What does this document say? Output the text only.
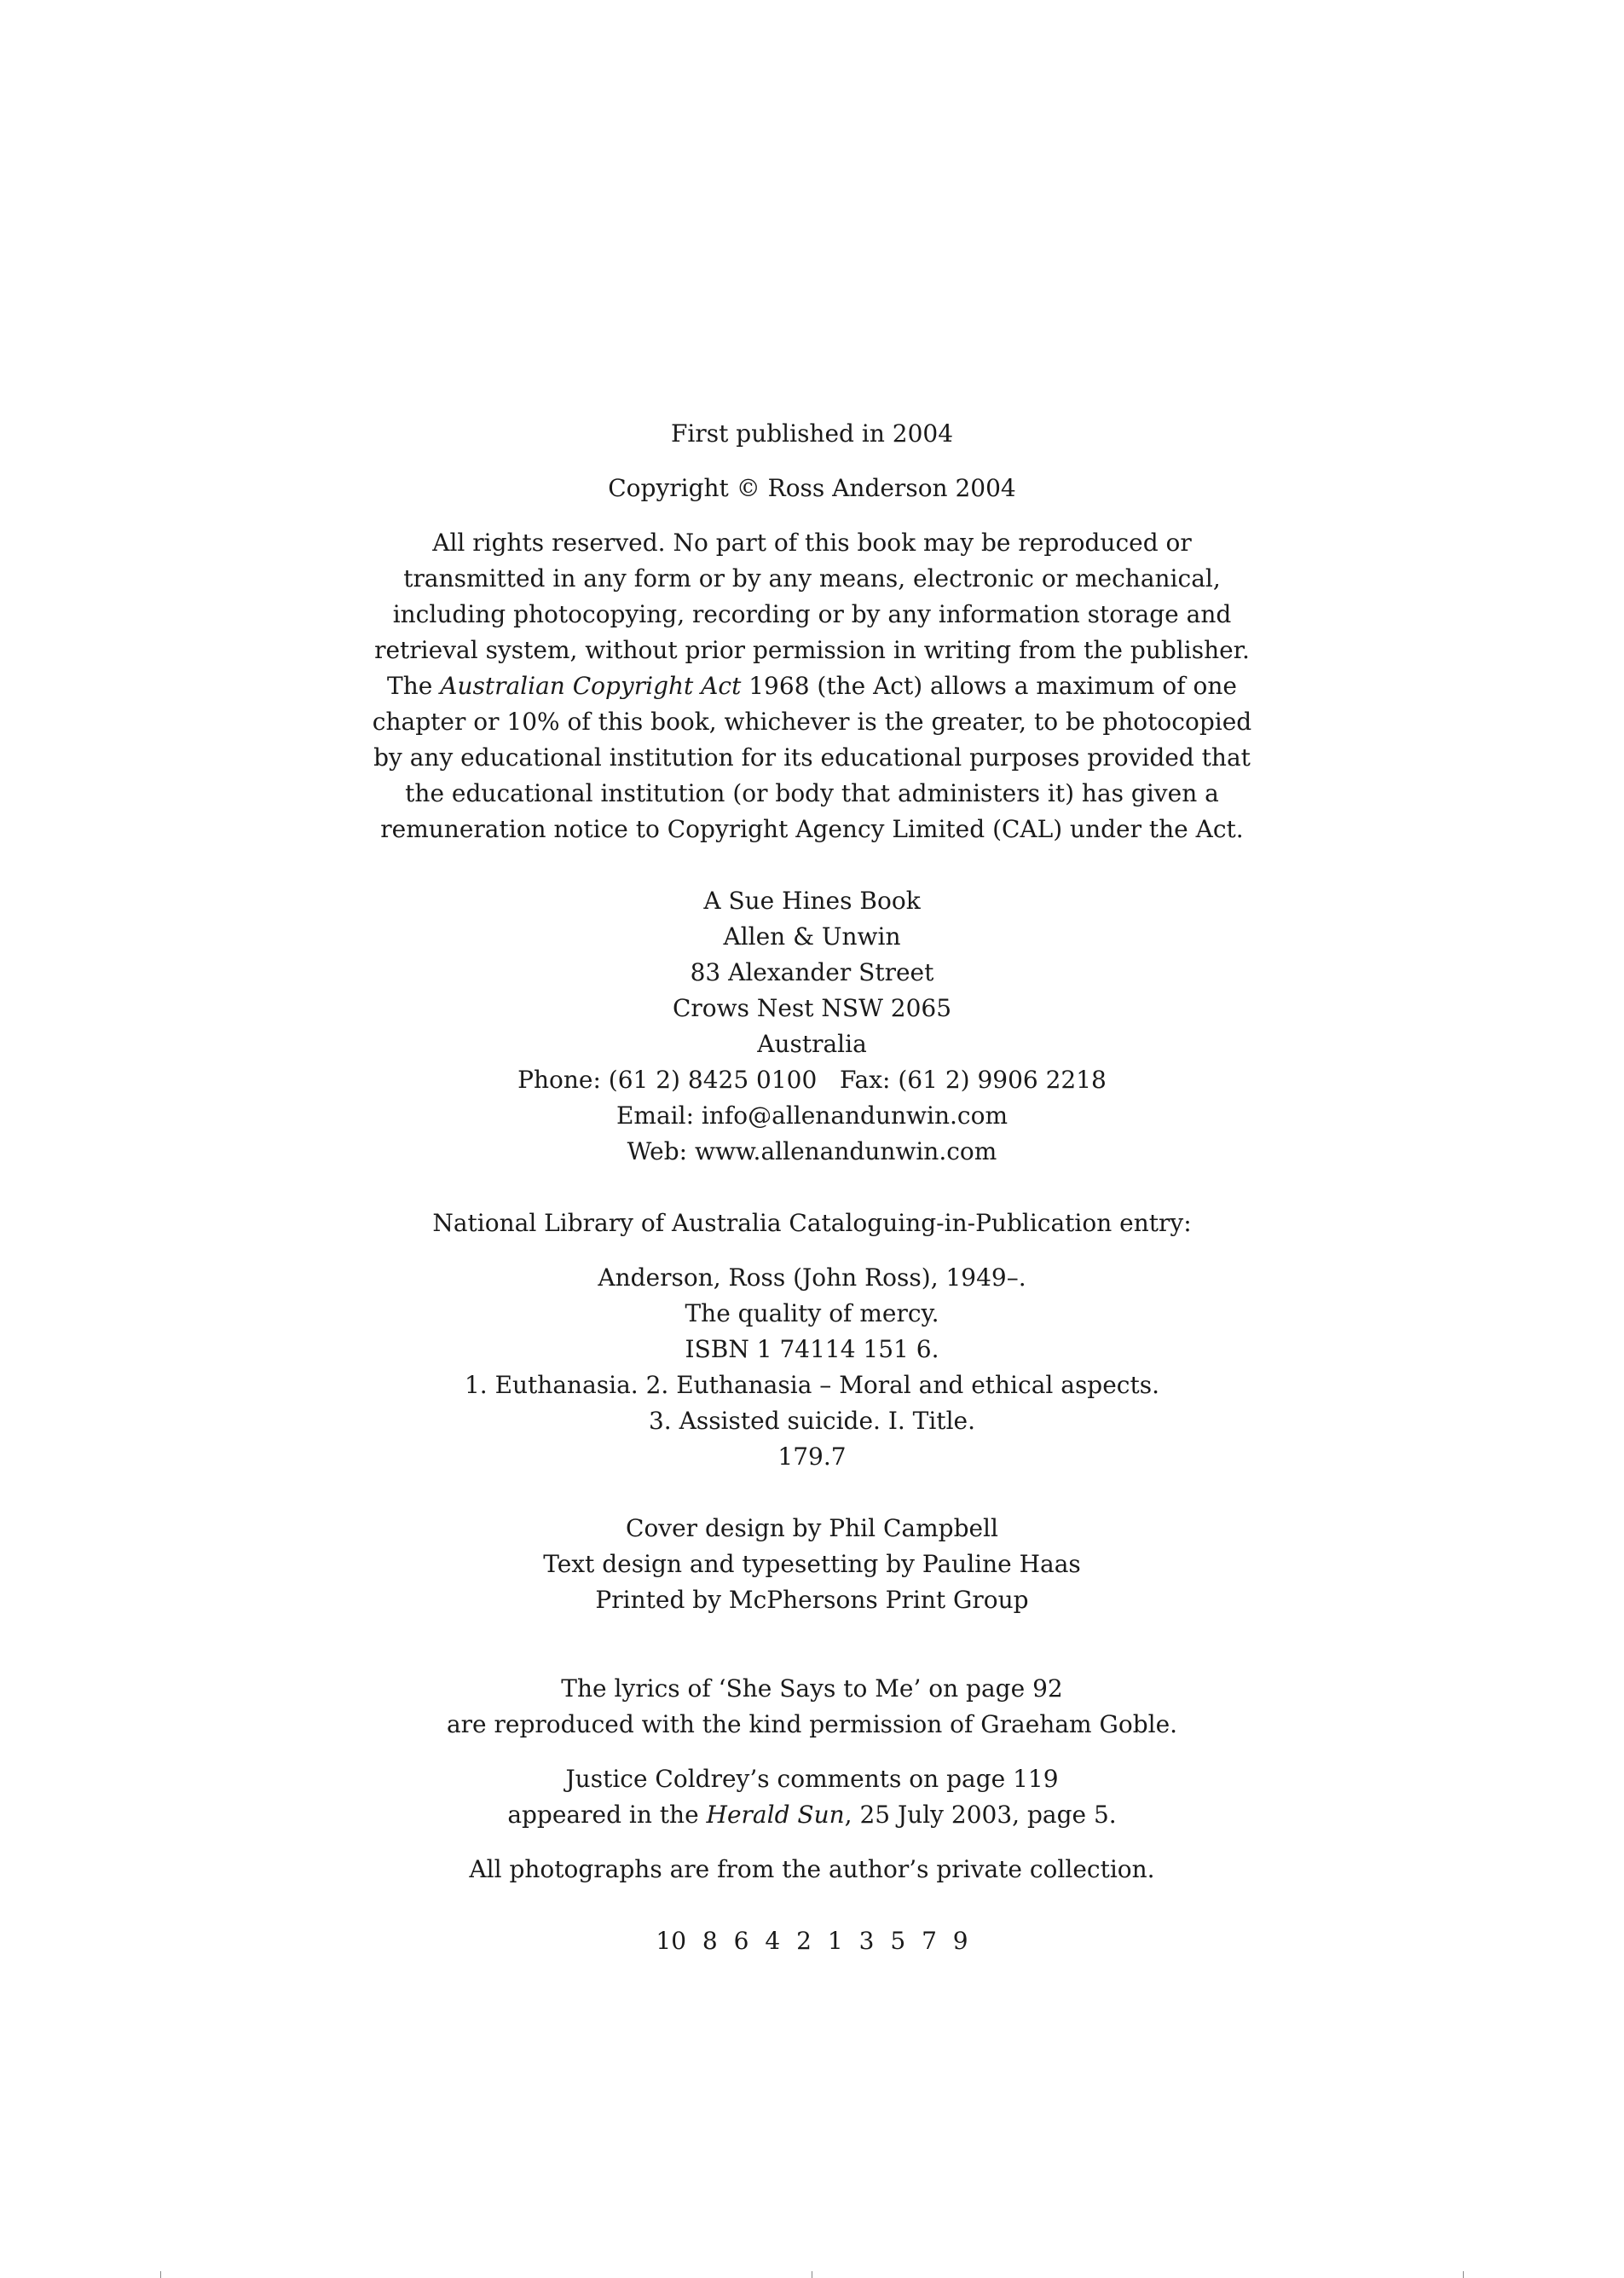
First published in 2004

Copyright © Ross Anderson 2004

All rights reserved. No part of this book may be reproduced or transmitted in any form or by any means, electronic or mechanical, including photocopying, recording or by any information storage and retrieval system, without prior permission in writing from the publisher. The Australian Copyright Act 1968 (the Act) allows a maximum of one chapter or 10% of this book, whichever is the greater, to be photocopied by any educational institution for its educational purposes provided that the educational institution (or body that administers it) has given a remuneration notice to Copyright Agency Limited (CAL) under the Act.

A Sue Hines Book

Allen & Unwin

83 Alexander Street

Crows Nest NSW 2065

Australia

Phone: (61 2) 8425 0100 Fax: (61 2) 9906 2218

Email: info@allenandunwin.com

Web: www.allenandunwin.com

National Library of Australia Cataloguing-in-Publication entry:

Anderson, Ross (John Ross), 1949–.

The quality of mercy.

ISBN 1 74114 151 6.

1. Euthanasia. 2. Euthanasia – Moral and ethical aspects.

3. Assisted suicide. I. Title.

179.7

Cover design by Phil Campbell

Text design and typesetting by Pauline Haas

Printed by McPhersons Print Group

The lyrics of ‘She Says to Me’ on page 92

are reproduced with the kind permission of Graeham Goble.

Justice Coldrey’s comments on page 119

appeared in the Herald Sun, 25 July 2003, page 5.

All photographs are from the author’s private collection.

10 8 6 4 2 1 3 5 7 9
